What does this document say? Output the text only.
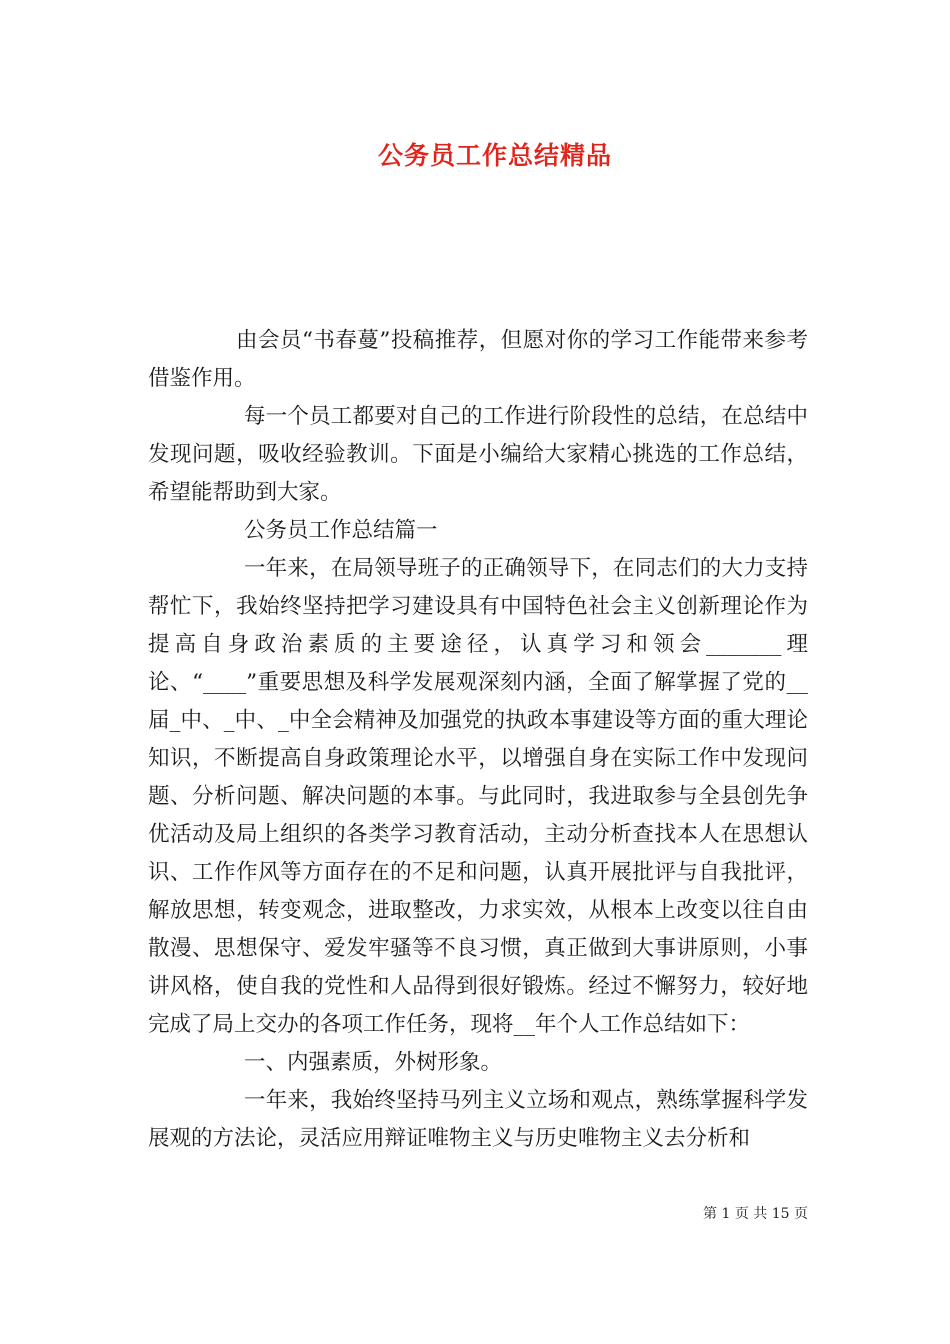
公务员工作总结精品

由会员“书春蔓”投稿推荐，但愿对你的学习工作能带来参考借鉴作用。

每一个员工都要对自己的工作进行阶段性的总结，在总结中发现问题，吸收经验教训。下面是小编给大家精心挑选的工作总结，希望能帮助到大家。

公务员工作总结篇一

一年来，在局领导班子的正确领导下，在同志们的大力支持帮忙下，我始终坚持把学习建设具有中国特色社会主义创新理论作为提高自身政治素质的主要途径，认真学习和领会_______理论、“____”重要思想及科学发展观深刻内涵，全面了解掌握了党的__届_中、_中、_中全会精神及加强党的执政本事建设等方面的重大理论知识，不断提高自身政策理论水平，以增强自身在实际工作中发现问题、分析问题、解决问题的本事。与此同时，我进取参与全县创先争优活动及局上组织的各类学习教育活动，主动分析查找本人在思想认识、工作作风等方面存在的不足和问题，认真开展批评与自我批评，解放思想，转变观念，进取整改，力求实效，从根本上改变以往自由散漫、思想保守、爱发牢骚等不良习惯，真正做到大事讲原则，小事讲风格，使自我的党性和人品得到很好锻炼。经过不懈努力，较好地完成了局上交办的各项工作任务，现将__年个人工作总结如下：

一、内强素质，外树形象。

一年来，我始终坚持马列主义立场和观点，熟练掌握科学发展观的方法论，灵活应用辩证唯物主义与历史唯物主义去分析和

第 1 页 共 15 页
